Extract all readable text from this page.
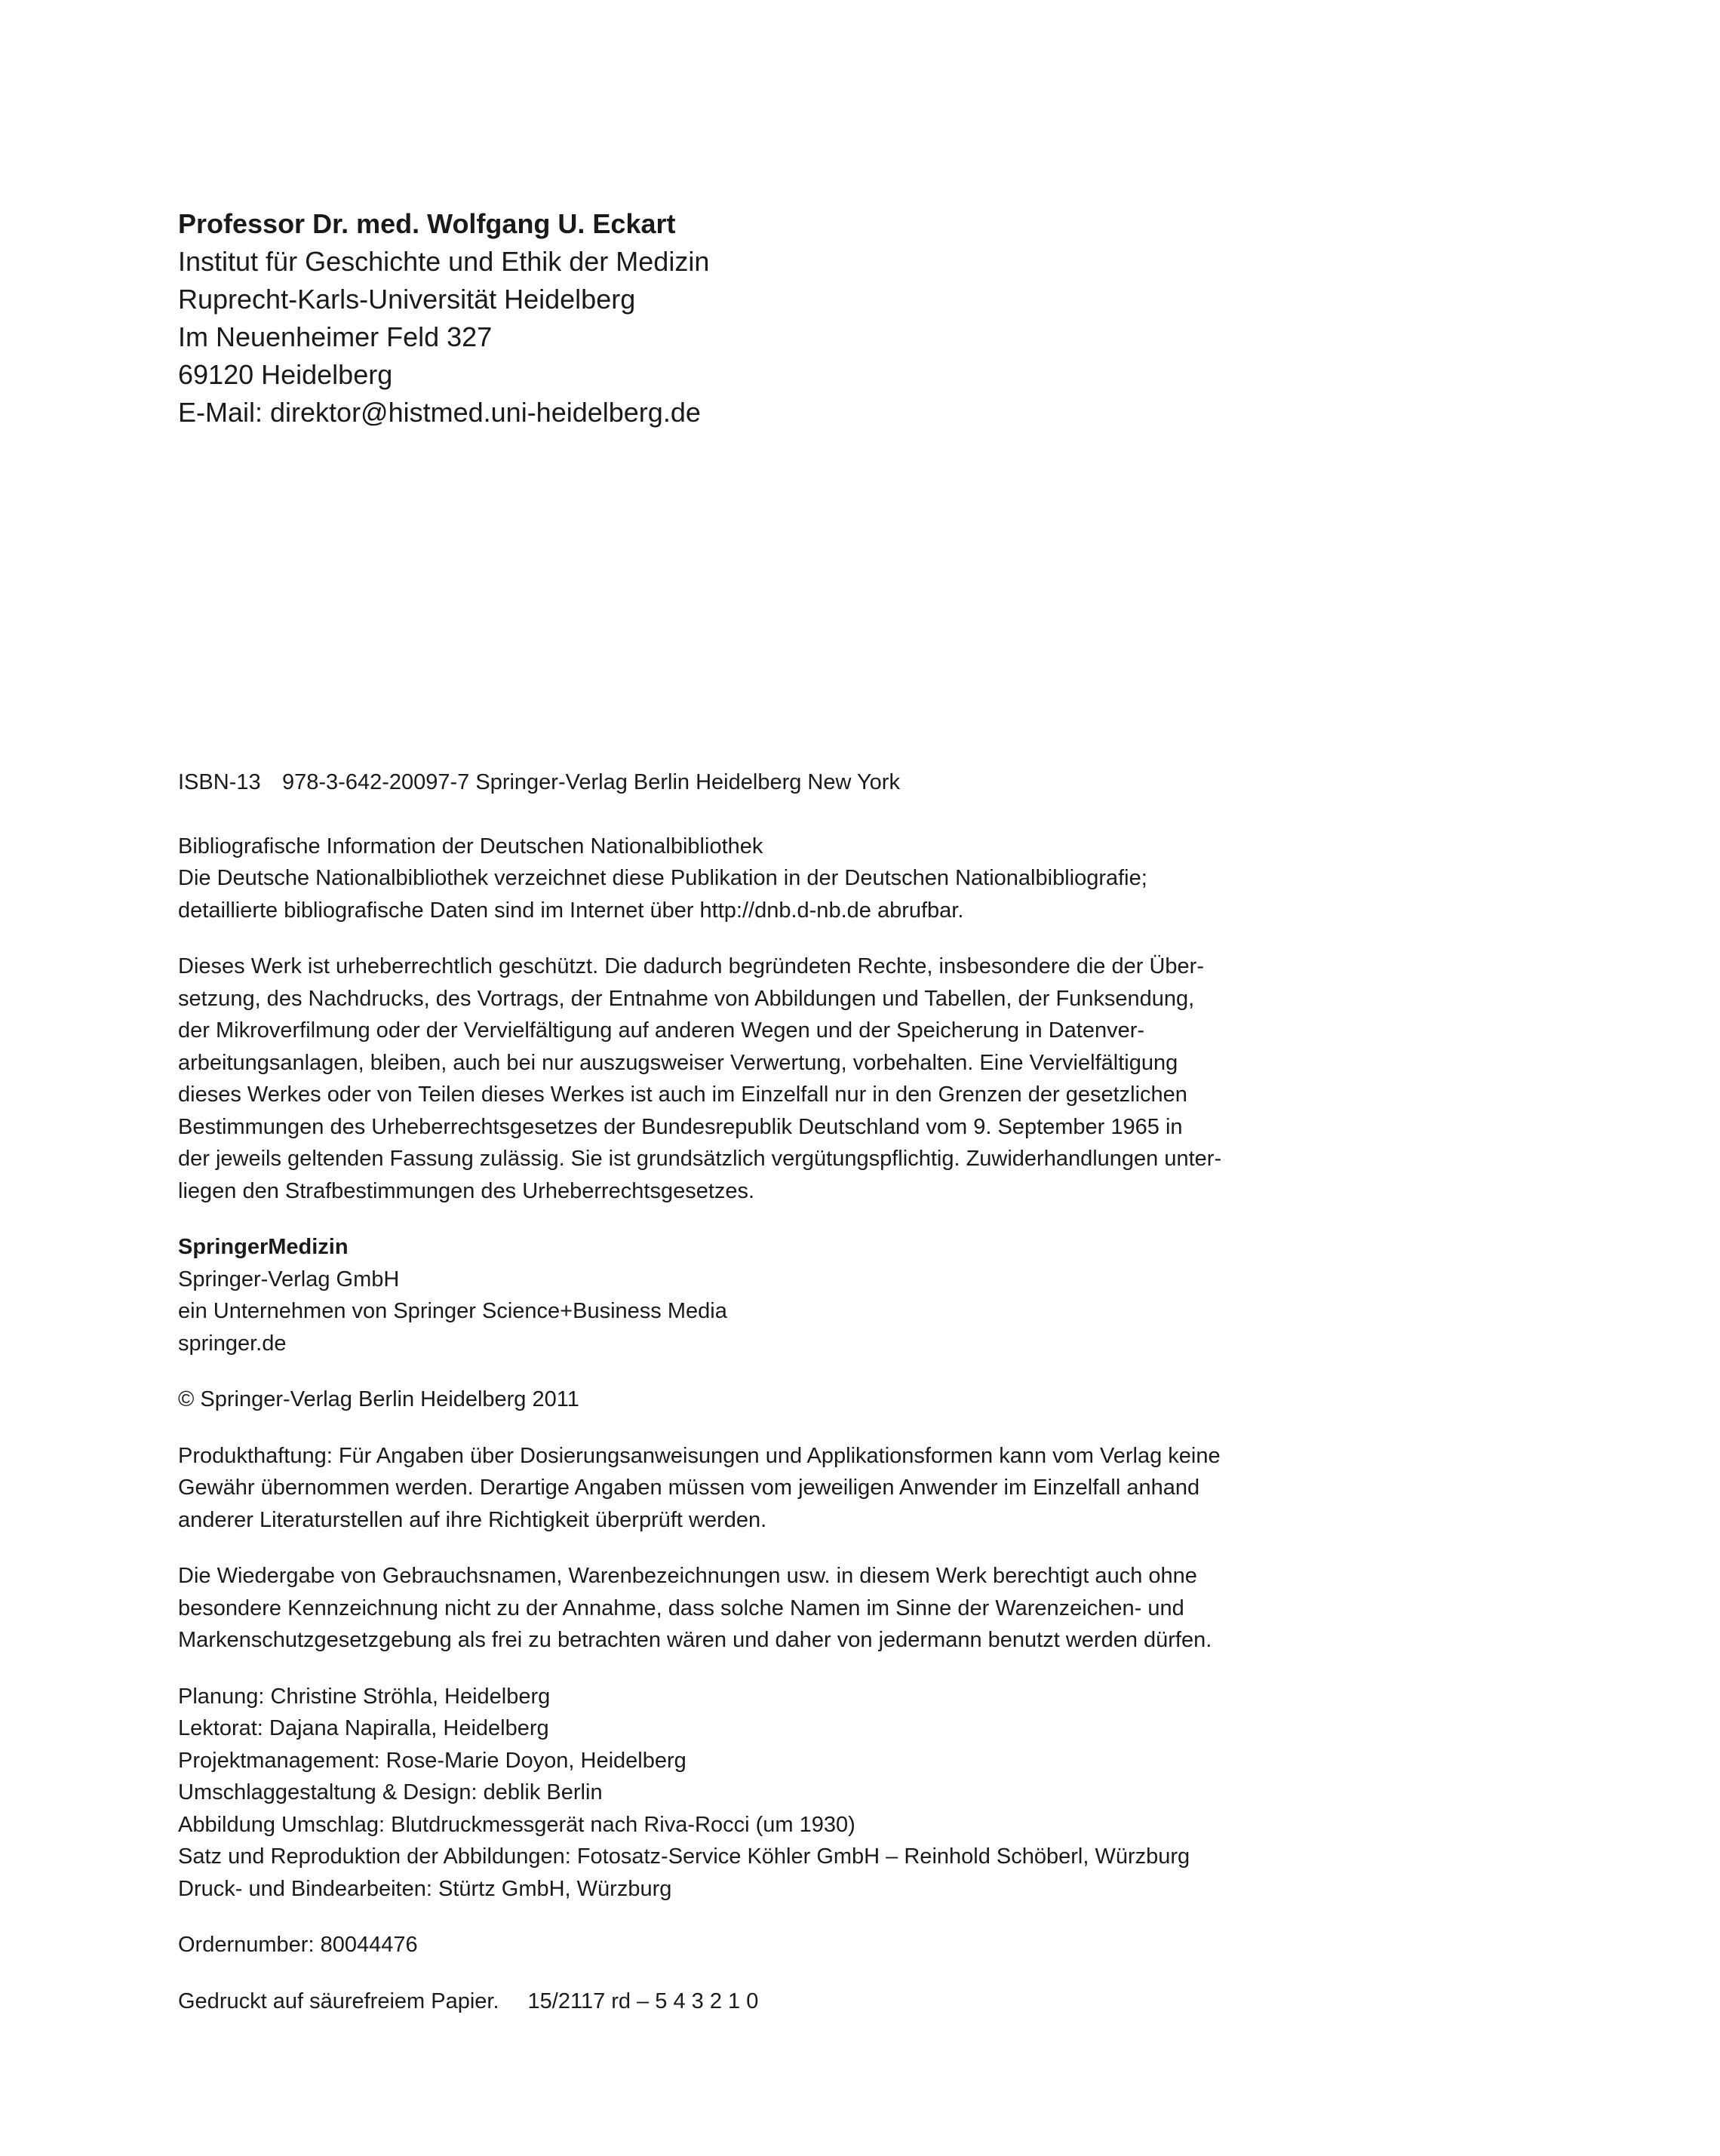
Professor Dr. med. Wolfgang U. Eckart
Institut für Geschichte und Ethik der Medizin
Ruprecht-Karls-Universität Heidelberg
Im Neuenheimer Feld 327
69120 Heidelberg
E-Mail: direktor@histmed.uni-heidelberg.de

ISBN-13 978-3-642-20097-7 Springer-Verlag Berlin Heidelberg New York

Bibliografische Information der Deutschen Nationalbibliothek
Die Deutsche Nationalbibliothek verzeichnet diese Publikation in der Deutschen Nationalbibliografie;
detaillierte bibliografische Daten sind im Internet über http://dnb.d-nb.de abrufbar.

Dieses Werk ist urheberrechtlich geschützt. Die dadurch begründeten Rechte, insbesondere die der Über-
setzung, des Nachdrucks, des Vortrags, der Entnahme von Abbildungen und Tabellen, der Funksendung,
der Mikroverfilmung oder der Vervielfältigung auf anderen Wegen und der Speicherung in Datenver-
arbeitungsanlagen, bleiben, auch bei nur auszugsweiser Verwertung, vorbehalten. Eine Vervielfältigung
dieses Werkes oder von Teilen dieses Werkes ist auch im Einzelfall nur in den Grenzen der gesetzlichen
Bestimmungen des Urheberrechtsgesetzes der Bundesrepublik Deutschland vom 9. September 1965 in
der jeweils geltenden Fassung zulässig. Sie ist grundsätzlich vergütungspflichtig. Zuwiderhandlungen unter-
liegen den Strafbestimmungen des Urheberrechtsgesetzes.

SpringerMedizin
Springer-Verlag GmbH
ein Unternehmen von Springer Science+Business Media
springer.de

© Springer-Verlag Berlin Heidelberg 2011

Produkthaftung: Für Angaben über Dosierungsanweisungen und Applikationsformen kann vom Verlag keine
Gewähr übernommen werden. Derartige Angaben müssen vom jeweiligen Anwender im Einzelfall anhand
anderer Literaturstellen auf ihre Richtigkeit überprüft werden.

Die Wiedergabe von Gebrauchsnamen, Warenbezeichnungen usw. in diesem Werk berechtigt auch ohne
besondere Kennzeichnung nicht zu der Annahme, dass solche Namen im Sinne der Warenzeichen- und
Markenschutzgesetzgebung als frei zu betrachten wären und daher von jedermann benutzt werden dürfen.

Planung: Christine Ströhla, Heidelberg
Lektorat: Dajana Napiralla, Heidelberg
Projektmanagement: Rose-Marie Doyon, Heidelberg
Umschlaggestaltung & Design: deblik Berlin
Abbildung Umschlag: Blutdruckmessgerät nach Riva-Rocci (um 1930)
Satz und Reproduktion der Abbildungen: Fotosatz-Service Köhler GmbH – Reinhold Schöberl, Würzburg
Druck- und Bindearbeiten: Stürtz GmbH, Würzburg

Ordernumber: 80044476

Gedruckt auf säurefreiem Papier. 15/2117 rd – 5 4 3 2 1 0
